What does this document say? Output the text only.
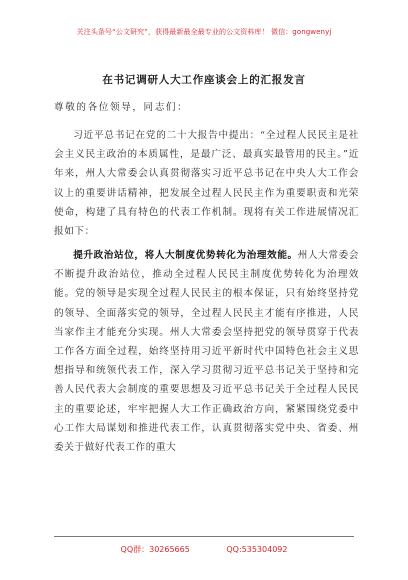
关注头条号“公文研究”，获得最新最全最专业的公文资料库！ 微信：gongwenyj
在书记调研人大工作座谈会上的汇报发言
尊敬的各位领导，同志们：

习近平总书记在党的二十大报告中提出：“全过程人民民主是社会主义民主政治的本质属性，是最广泛、最真实最管用的民主。”近年来，州人大常委会认真贯彻落实习近平总书记在中央人大工作会议上的重要讲话精神，把发展全过程人民民主作为重要职责和光荣使命，构建了具有特色的代表工作机制。现将有关工作进展情况汇报如下：

提升政治站位，将人大制度优势转化为治理效能。州人大常委会不断提升政治站位，推动全过程人民民主制度优势转化为治理效能。党的领导是实现全过程人民民主的根本保证，只有始终坚持党的领导、全面落实党的领导，全过程人民民主才能有序推进，人民当家作主才能充分实现。州人大常委会坚持把党的领导贯穿于代表工作各方面全过程，始终坚持用习近平新时代中国特色社会主义思想指导和统领代表工作，深入学习贯彻习近平总书记关于坚持和完善人民代表大会制度的重要思想及习近平总书记关于全过程人民民主的重要论述，牢牢把握人大工作正确政治方向，紧紧围绕党委中心工作大局谋划和推进代表工作，认真贯彻落实党中央、省委、州委关于做好代表工作的重大

QQ群：30265665	QQ:535304092
